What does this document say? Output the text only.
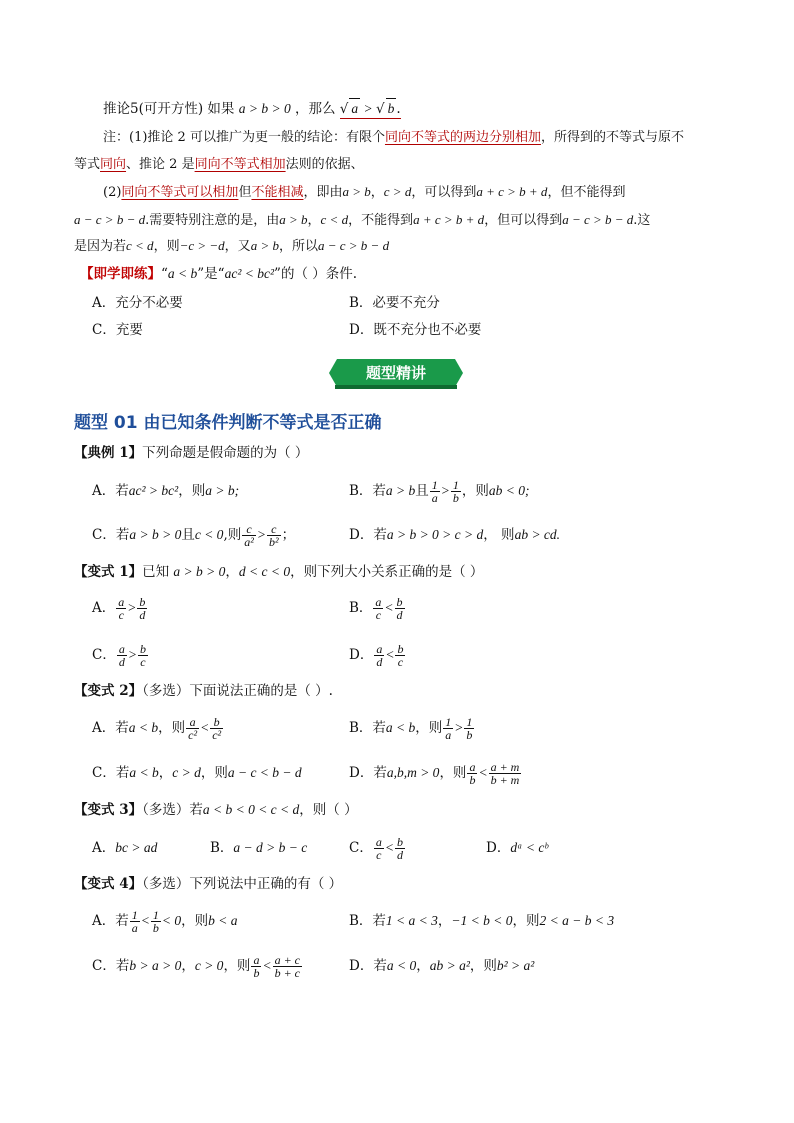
推论5(可开方性) 如果 a > b > 0 ，那么 √ a > √ b .
注：(1)推论 2 可以推广为更一般的结论：有限个同向不等式的两边分别相加，所得到的不等式与原不
等式同向、推论 2 是同向不等式相加法则的依据、
(2)同向不等式可以相加但不能相减，即由a > b，c > d，可以得到a + c > b + d，但不能得到
a − c > b − d.需要特别注意的是，由a > b，c < d，不能得到a + c > b + d，但可以得到a − c > b − d.这
是因为若c < d，则−c > −d，又a > b，所以a − c > b − d
【即学即练】“a < b”是“ac² < bc²”的（ ）条件.
A．充分不必要	B．必要不充分
C．充要	D．既不充分也不必要
题型精讲
题型 01 由已知条件判断不等式是否正确
【典例 1】下列命题是假命题的为（ ）
A．若ac² > bc²，则a > b;	B．若a > b且 $\frac{1}{a} > \frac{1}{b}$ ，则ab < 0;
C．若a > b > 0且c < 0,则 $\frac{c}{\text{a²}} > \frac{c}{\text{b²}}$ ；	D．若a > b > 0 > c > d， 则ab > cd.
【变式 1】已知 a > b > 0，d < c < 0，则下列大小关系正确的是（ ）
A． $\frac{a}{c} > \frac{b}{d}$	B． $\frac{a}{c} < \frac{b}{d}$
C． $\frac{a}{d} > \frac{b}{c}$	D． $\frac{a}{d} < \frac{b}{c}$
【变式 2】（多选）下面说法正确的是（ ）.
A．若a < b，则 $\frac{a}{\text{c²}} < \frac{b}{\text{c²}}$	B．若a < b，则 $\frac{1}{a} > \frac{1}{b}$
C．若a < b，c > d，则a − c < b − d	D．若a,b,m > 0，则 $\frac{a}{b} < \frac{a + m}{b + m}$
【变式 3】（多选）若a < b < 0 < c < d，则（ ）
A．bc > ad	B．a − d > b − c	C． $\frac{a}{c} < \frac{b}{d}$	D．dᵃ < cᵇ
【变式 4】（多选）下列说法中正确的有（ ）
A．若 $\frac{1}{a} < \frac{1}{b} < 0$，则b < a	B．若1 < a < 3，−1 < b < 0，则2 < a − b < 3
C．若b > a > 0，c > 0，则 $\frac{a}{b} < \frac{a + c}{b + c}$	D．若a < 0，ab > a²，则b² > a²
